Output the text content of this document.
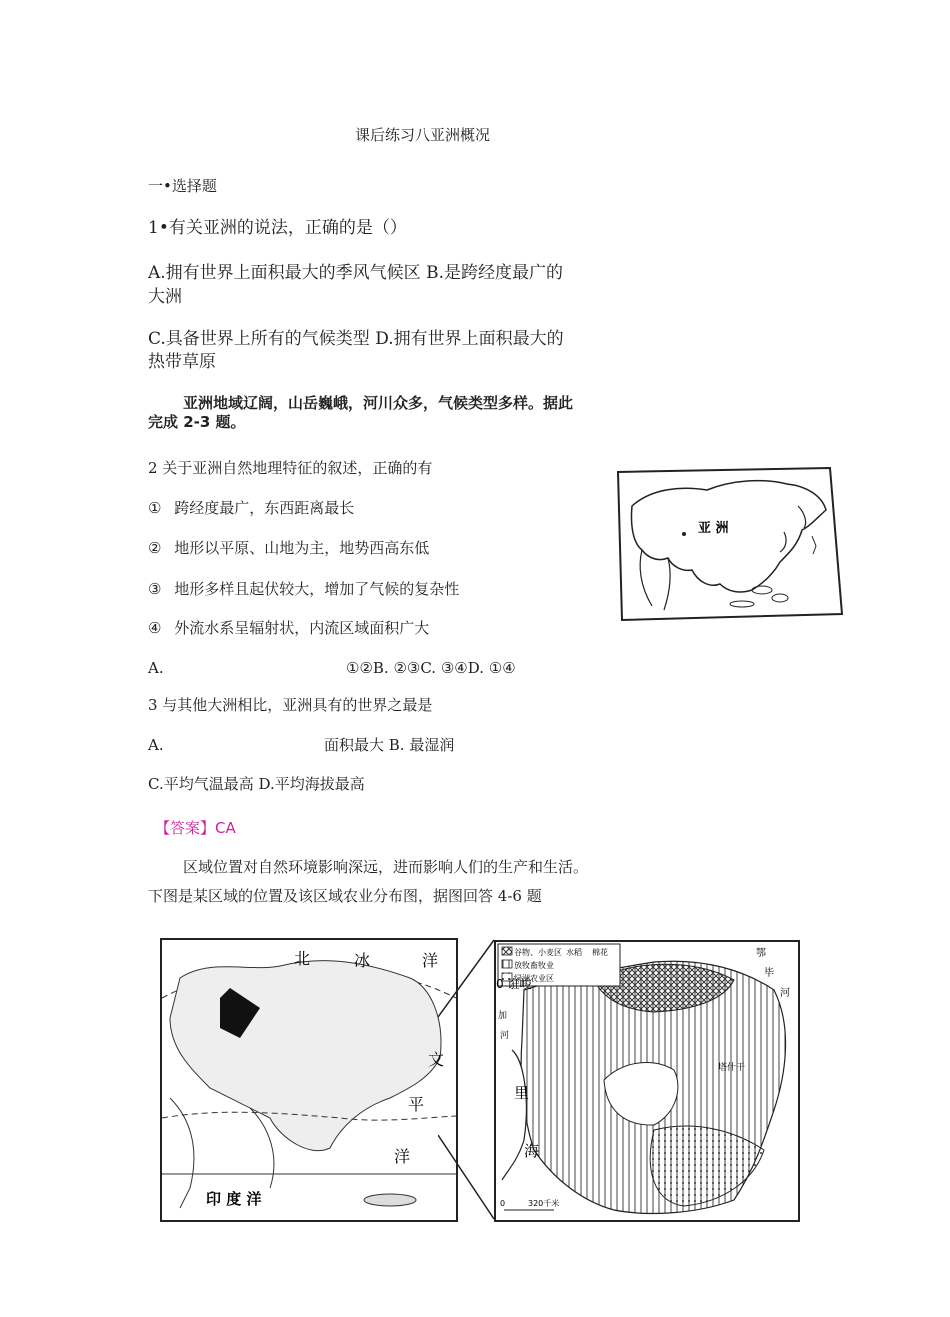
课后练习八亚洲概况
一•选择题
1•有关亚洲的说法，正确的是（）
A.拥有世界上面积最大的季风气候区 B.是跨经度最广的
大洲
C.具备世界上所有的气候类型 D.拥有世界上面积最大的
热带草原
亚洲地域辽阔，山岳巍峨，河川众多，气候类型多样。据此
完成 2-3 题。
2 关于亚洲自然地理特征的叙述，正确的有
① 跨经度最广，东西距离最长
② 地形以平原、山地为主，地势西高东低
③ 地形多样且起伏较大，增加了气候的复杂性
④ 外流水系呈辐射状，内流区域面积广大
A.	①②B. ②③C. ③④D. ①④
3 与其他大洲相比，亚洲具有的世界之最是
A.	面积最大 B. 最湿润
C.平均气温最高 D.平均海拔最高
【答案】CA
区域位置对自然环境影响深远，进而影响人们的生产和生活。
下图是某区域的位置及该区域农业分布图，据图回答 4-6 题
亚 洲
北	冰	洋
文
平
洋
印 度 洋
谷物、小麦区 水稻 棉花
放牧畜牧业
绿洲农业区
0 诳峻
里
海
加
河
塔什干
鄂
毕
河
0	320千米
